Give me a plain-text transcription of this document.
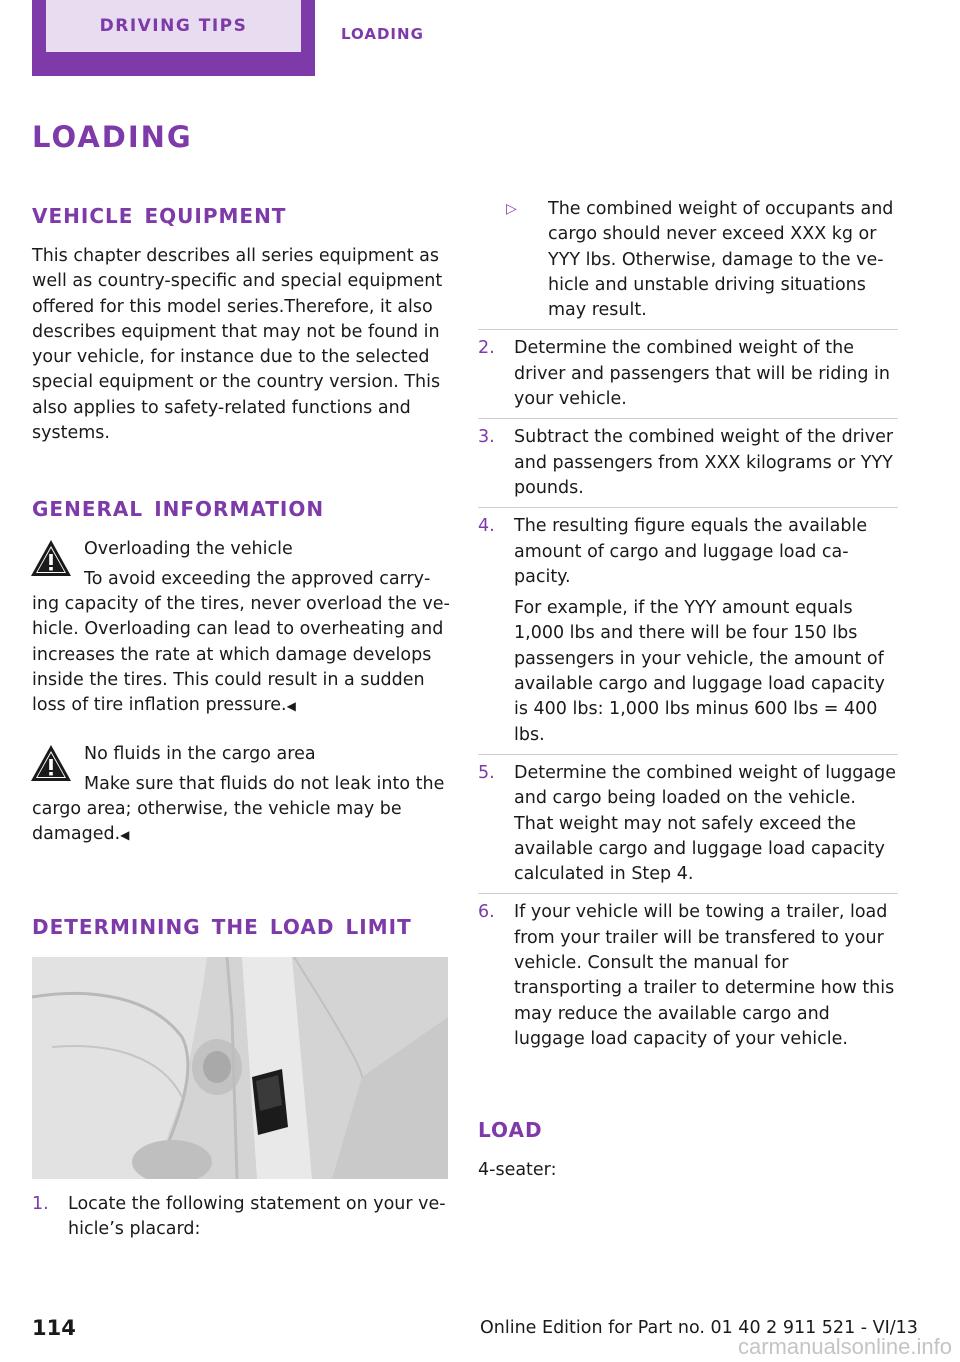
DRIVING TIPS	LOADING
loading
vehicle equipment

This chapter describes all series equipment as well as country-specific and special equipment offered for this model series.Therefore, it also describes equipment that may not be found in your vehicle, for instance due to the selected special equipment or the country version. This also applies to safety-related functions and systems.

general information
Overloading the vehicle
To avoid exceeding the approved carrying capacity of the tires, never overload the vehicle. Overloading can lead to overheating and increases the rate at which damage develops inside the tires. This could result in a sudden loss of tire inflation pressure.◀
No fluids in the cargo area
Make sure that fluids do not leak into the cargo area; otherwise, the vehicle may be damaged.◀
determining the load limit
1. Locate the following statement on your vehicle’s placard:
▷ The combined weight of occupants and cargo should never exceed XXX kg or YYY lbs. Otherwise, damage to the vehicle and unstable driving situations may result.
2. Determine the combined weight of the driver and passengers that will be riding in your vehicle.
3. Subtract the combined weight of the driver and passengers from XXX kilograms or YYY pounds.
4. The resulting figure equals the available amount of cargo and luggage load capacity.
For example, if the YYY amount equals 1,000 lbs and there will be four 150 lbs passengers in your vehicle, the amount of available cargo and luggage load capacity is 400 lbs: 1,000 lbs minus 600 lbs = 400 lbs.
5. Determine the combined weight of luggage and cargo being loaded on the vehicle. That weight may not safely exceed the available cargo and luggage load capacity calculated in Step 4.
6. If your vehicle will be towing a trailer, load from your trailer will be transfered to your vehicle. Consult the manual for transporting a trailer to determine how this may reduce the available cargo and luggage load capacity of your vehicle.
load

4-seater:

114	Online Edition for Part no. 01 40 2 911 521 - VI/13
carmanualsonline.info
